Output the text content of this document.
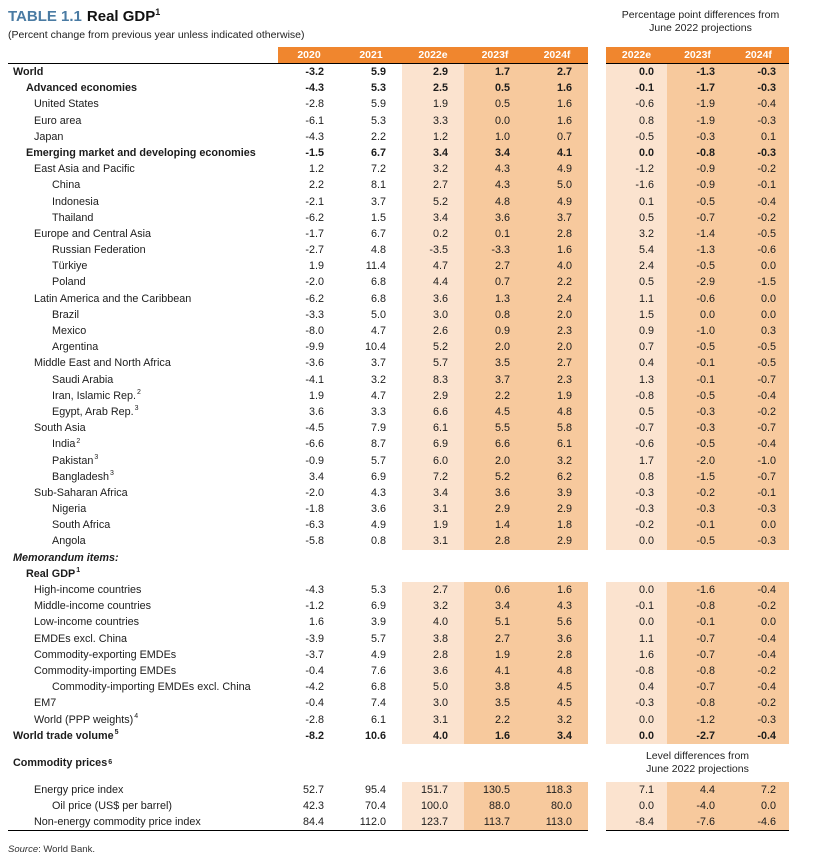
TABLE 1.1 Real GDP$^1$
(Percent change from previous year unless indicated otherwise)
Percentage point differences from
June 2022 projections
2020	2021	2022e	2023f	2024f	2022e	2023f	2024f
World	-3.2	5.9	2.9	1.7	2.7	0.0	-1.3	-0.3
Advanced economies	-4.3	5.3	2.5	0.5	1.6	-0.1	-1.7	-0.3
United States	-2.8	5.9	1.9	0.5	1.6	-0.6	-1.9	-0.4
Euro area	-6.1	5.3	3.3	0.0	1.6	0.8	-1.9	-0.3
Japan	-4.3	2.2	1.2	1.0	0.7	-0.5	-0.3	0.1
Emerging market and developing economies	-1.5	6.7	3.4	3.4	4.1	0.0	-0.8	-0.3
East Asia and Pacific	1.2	7.2	3.2	4.3	4.9	-1.2	-0.9	-0.2
China	2.2	8.1	2.7	4.3	5.0	-1.6	-0.9	-0.1
Indonesia	-2.1	3.7	5.2	4.8	4.9	0.1	-0.5	-0.4
Thailand	-6.2	1.5	3.4	3.6	3.7	0.5	-0.7	-0.2
Europe and Central Asia	-1.7	6.7	0.2	0.1	2.8	3.2	-1.4	-0.5
Russian Federation	-2.7	4.8	-3.5	-3.3	1.6	5.4	-1.3	-0.6
Türkiye	1.9	11.4	4.7	2.7	4.0	2.4	-0.5	0.0
Poland	-2.0	6.8	4.4	0.7	2.2	0.5	-2.9	-1.5
Latin America and the Caribbean	-6.2	6.8	3.6	1.3	2.4	1.1	-0.6	0.0
Brazil	-3.3	5.0	3.0	0.8	2.0	1.5	0.0	0.0
Mexico	-8.0	4.7	2.6	0.9	2.3	0.9	-1.0	0.3
Argentina	-9.9	10.4	5.2	2.0	2.0	0.7	-0.5	-0.5
Middle East and North Africa	-3.6	3.7	5.7	3.5	2.7	0.4	-0.1	-0.5
Saudi Arabia	-4.1	3.2	8.3	3.7	2.3	1.3	-0.1	-0.7
Iran, Islamic Rep.$^2$	1.9	4.7	2.9	2.2	1.9	-0.8	-0.5	-0.4
Egypt, Arab Rep.$^3$	3.6	3.3	6.6	4.5	4.8	0.5	-0.3	-0.2
South Asia	-4.5	7.9	6.1	5.5	5.8	-0.7	-0.3	-0.7
India$^2$	-6.6	8.7	6.9	6.6	6.1	-0.6	-0.5	-0.4
Pakistan$^3$	-0.9	5.7	6.0	2.0	3.2	1.7	-2.0	-1.0
Bangladesh$^3$	3.4	6.9	7.2	5.2	6.2	0.8	-1.5	-0.7
Sub-Saharan Africa	-2.0	4.3	3.4	3.6	3.9	-0.3	-0.2	-0.1
Nigeria	-1.8	3.6	3.1	2.9	2.9	-0.3	-0.3	-0.3
South Africa	-6.3	4.9	1.9	1.4	1.8	-0.2	-0.1	0.0
Angola	-5.8	0.8	3.1	2.8	2.9	0.0	-0.5	-0.3
Memorandum items:
Real GDP$^1$
High-income countries	-4.3	5.3	2.7	0.6	1.6	0.0	-1.6	-0.4
Middle-income countries	-1.2	6.9	3.2	3.4	4.3	-0.1	-0.8	-0.2
Low-income countries	1.6	3.9	4.0	5.1	5.6	0.0	-0.1	0.0
EMDEs excl. China	-3.9	5.7	3.8	2.7	3.6	1.1	-0.7	-0.4
Commodity-exporting EMDEs	-3.7	4.9	2.8	1.9	2.8	1.6	-0.7	-0.4
Commodity-importing EMDEs	-0.4	7.6	3.6	4.1	4.8	-0.8	-0.8	-0.2
Commodity-importing EMDEs excl. China	-4.2	6.8	5.0	3.8	4.5	0.4	-0.7	-0.4
EM7	-0.4	7.4	3.0	3.5	4.5	-0.3	-0.8	-0.2
World (PPP weights)$^4$	-2.8	6.1	3.1	2.2	3.2	0.0	-1.2	-0.3
World trade volume$^5$	-8.2	10.6	4.0	1.6	3.4	0.0	-2.7	-0.4
Commodity prices 6
Level differences from
June 2022 projections
Energy price index	52.7	95.4	151.7	130.5	118.3	7.1	4.4	7.2
Oil price (US$ per barrel)	42.3	70.4	100.0	88.0	80.0	0.0	-4.0	0.0
Non-energy commodity price index	84.4	112.0	123.7	113.7	113.0	-8.4	-7.6	-4.6
Source: World Bank.
